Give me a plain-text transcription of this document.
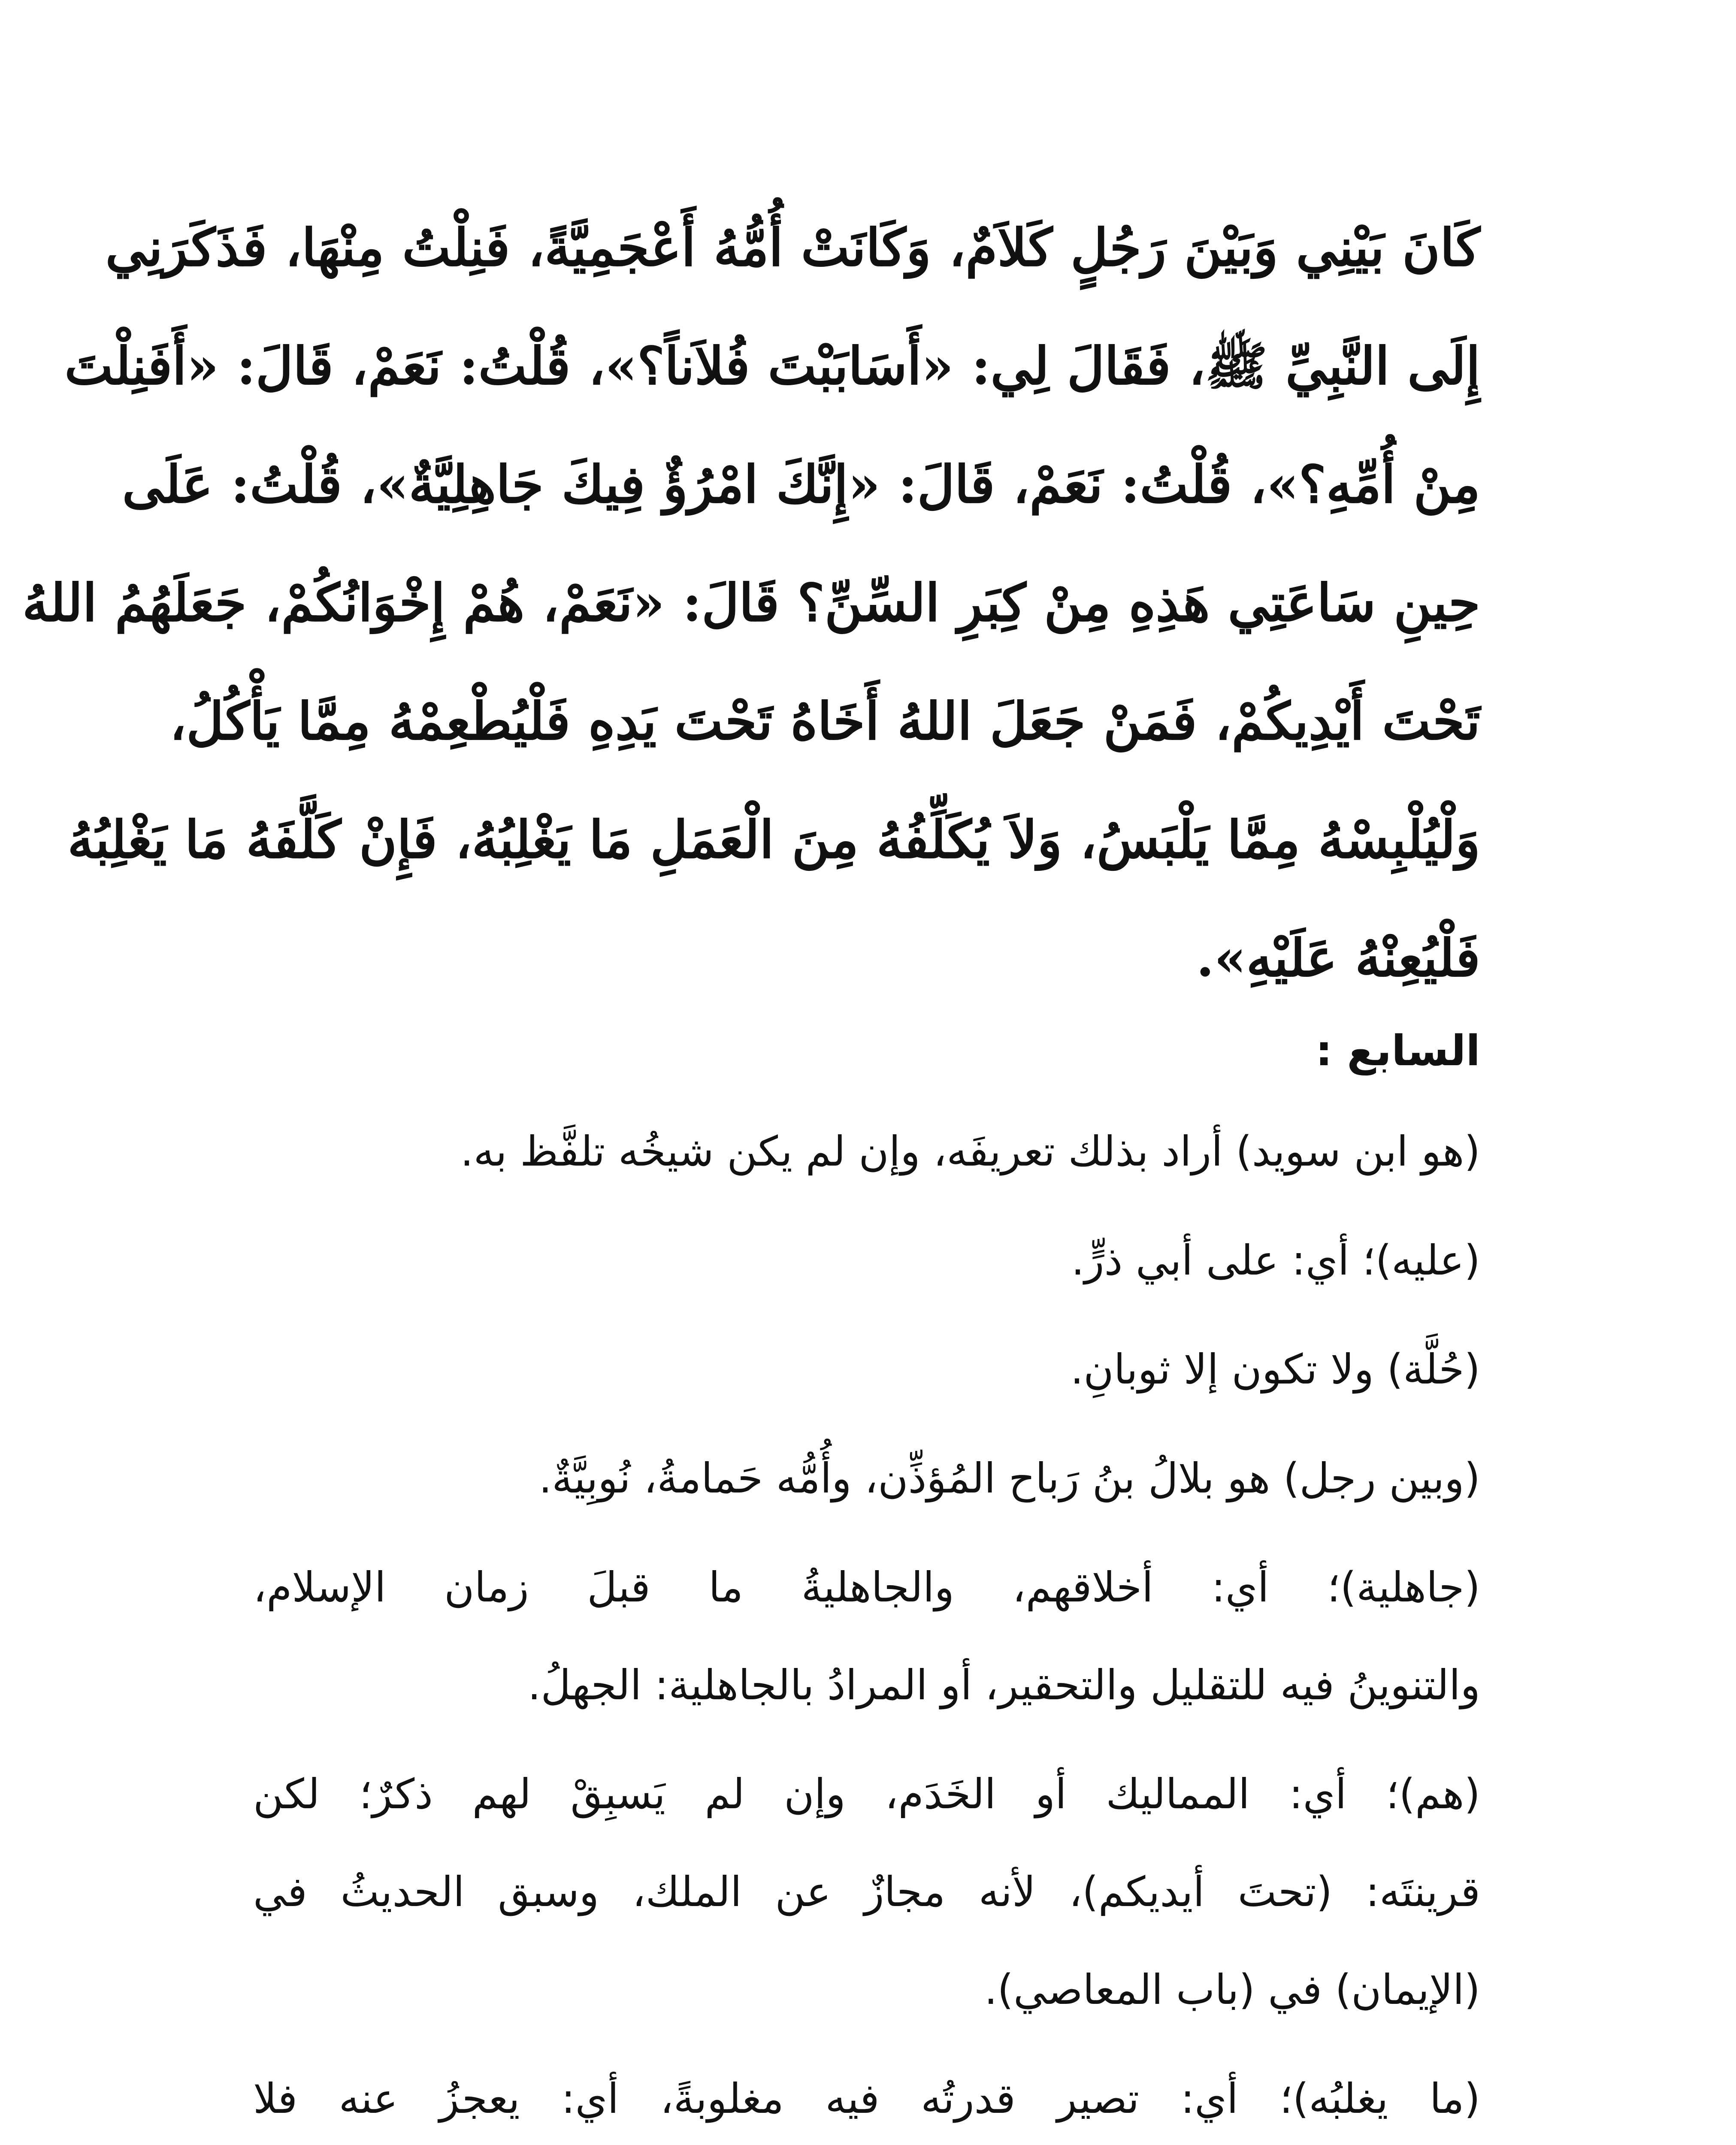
كَانَ بَيْنِي وَبَيْنَ رَجُلٍ كَلاَمٌ، وَكَانَتْ أُمُّهُ أَعْجَمِيَّةً، فَنِلْتُ مِنْهَا، فَذَكَرَنِي
إِلَى النَّبِيِّ ﷺ، فَقَالَ لِي: «أَسَابَبْتَ فُلاَناً؟»، قُلْتُ: نَعَمْ، قَالَ: «أَفَنِلْتَ
مِنْ أُمِّهِ؟»، قُلْتُ: نَعَمْ، قَالَ: «إِنَّكَ امْرُؤٌ فِيكَ جَاهِلِيَّةٌ»، قُلْتُ: عَلَى
حِينِ سَاعَتِي هَذِهِ مِنْ كِبَرِ السِّنِّ؟ قَالَ: «نَعَمْ، هُمْ إِخْوَانُكُمْ، جَعَلَهُمُ اللهُ
تَحْتَ أَيْدِيكُمْ، فَمَنْ جَعَلَ اللهُ أَخَاهُ تَحْتَ يَدِهِ فَلْيُطْعِمْهُ مِمَّا يَأْكُلُ،
وَلْيُلْبِسْهُ مِمَّا يَلْبَسُ، وَلاَ يُكَلِّفُهُ مِنَ الْعَمَلِ مَا يَغْلِبُهُ، فَإِنْ كَلَّفَهُ مَا يَغْلِبُهُ
فَلْيُعِنْهُ عَلَيْهِ».
السابع :
(هو ابن سويد) أراد بذلك تعريفَه، وإن لم يكن شيخُه تلفَّظ به.
(عليه)؛ أي: على أبي ذرٍّ.
(حُلَّة) ولا تكون إلا ثوبانِ.
(وبين رجل) هو بلالُ بنُ رَباح المُؤذِّن، وأُمُّه حَمامةُ، نُوبِيَّةٌ.
(جاهلية)؛ أي: أخلاقهم، والجاهليةُ ما قبلَ زمان الإسلام،
والتنوينُ فيه للتقليل والتحقير، أو المرادُ بالجاهلية: الجهلُ.
(هم)؛ أي: المماليك أو الخَدَم، وإن لم يَسبِقْ لهم ذكرٌ؛ لكن
قرينتَه: (تحتَ أيديكم)، لأنه مجازٌ عن الملك، وسبق الحديثُ في
(الإيمان) في (باب المعاصي).
(ما يغلبُه)؛ أي: تصير قدرتُه فيه مغلوبةً، أي: يعجزُ عنه فلا
